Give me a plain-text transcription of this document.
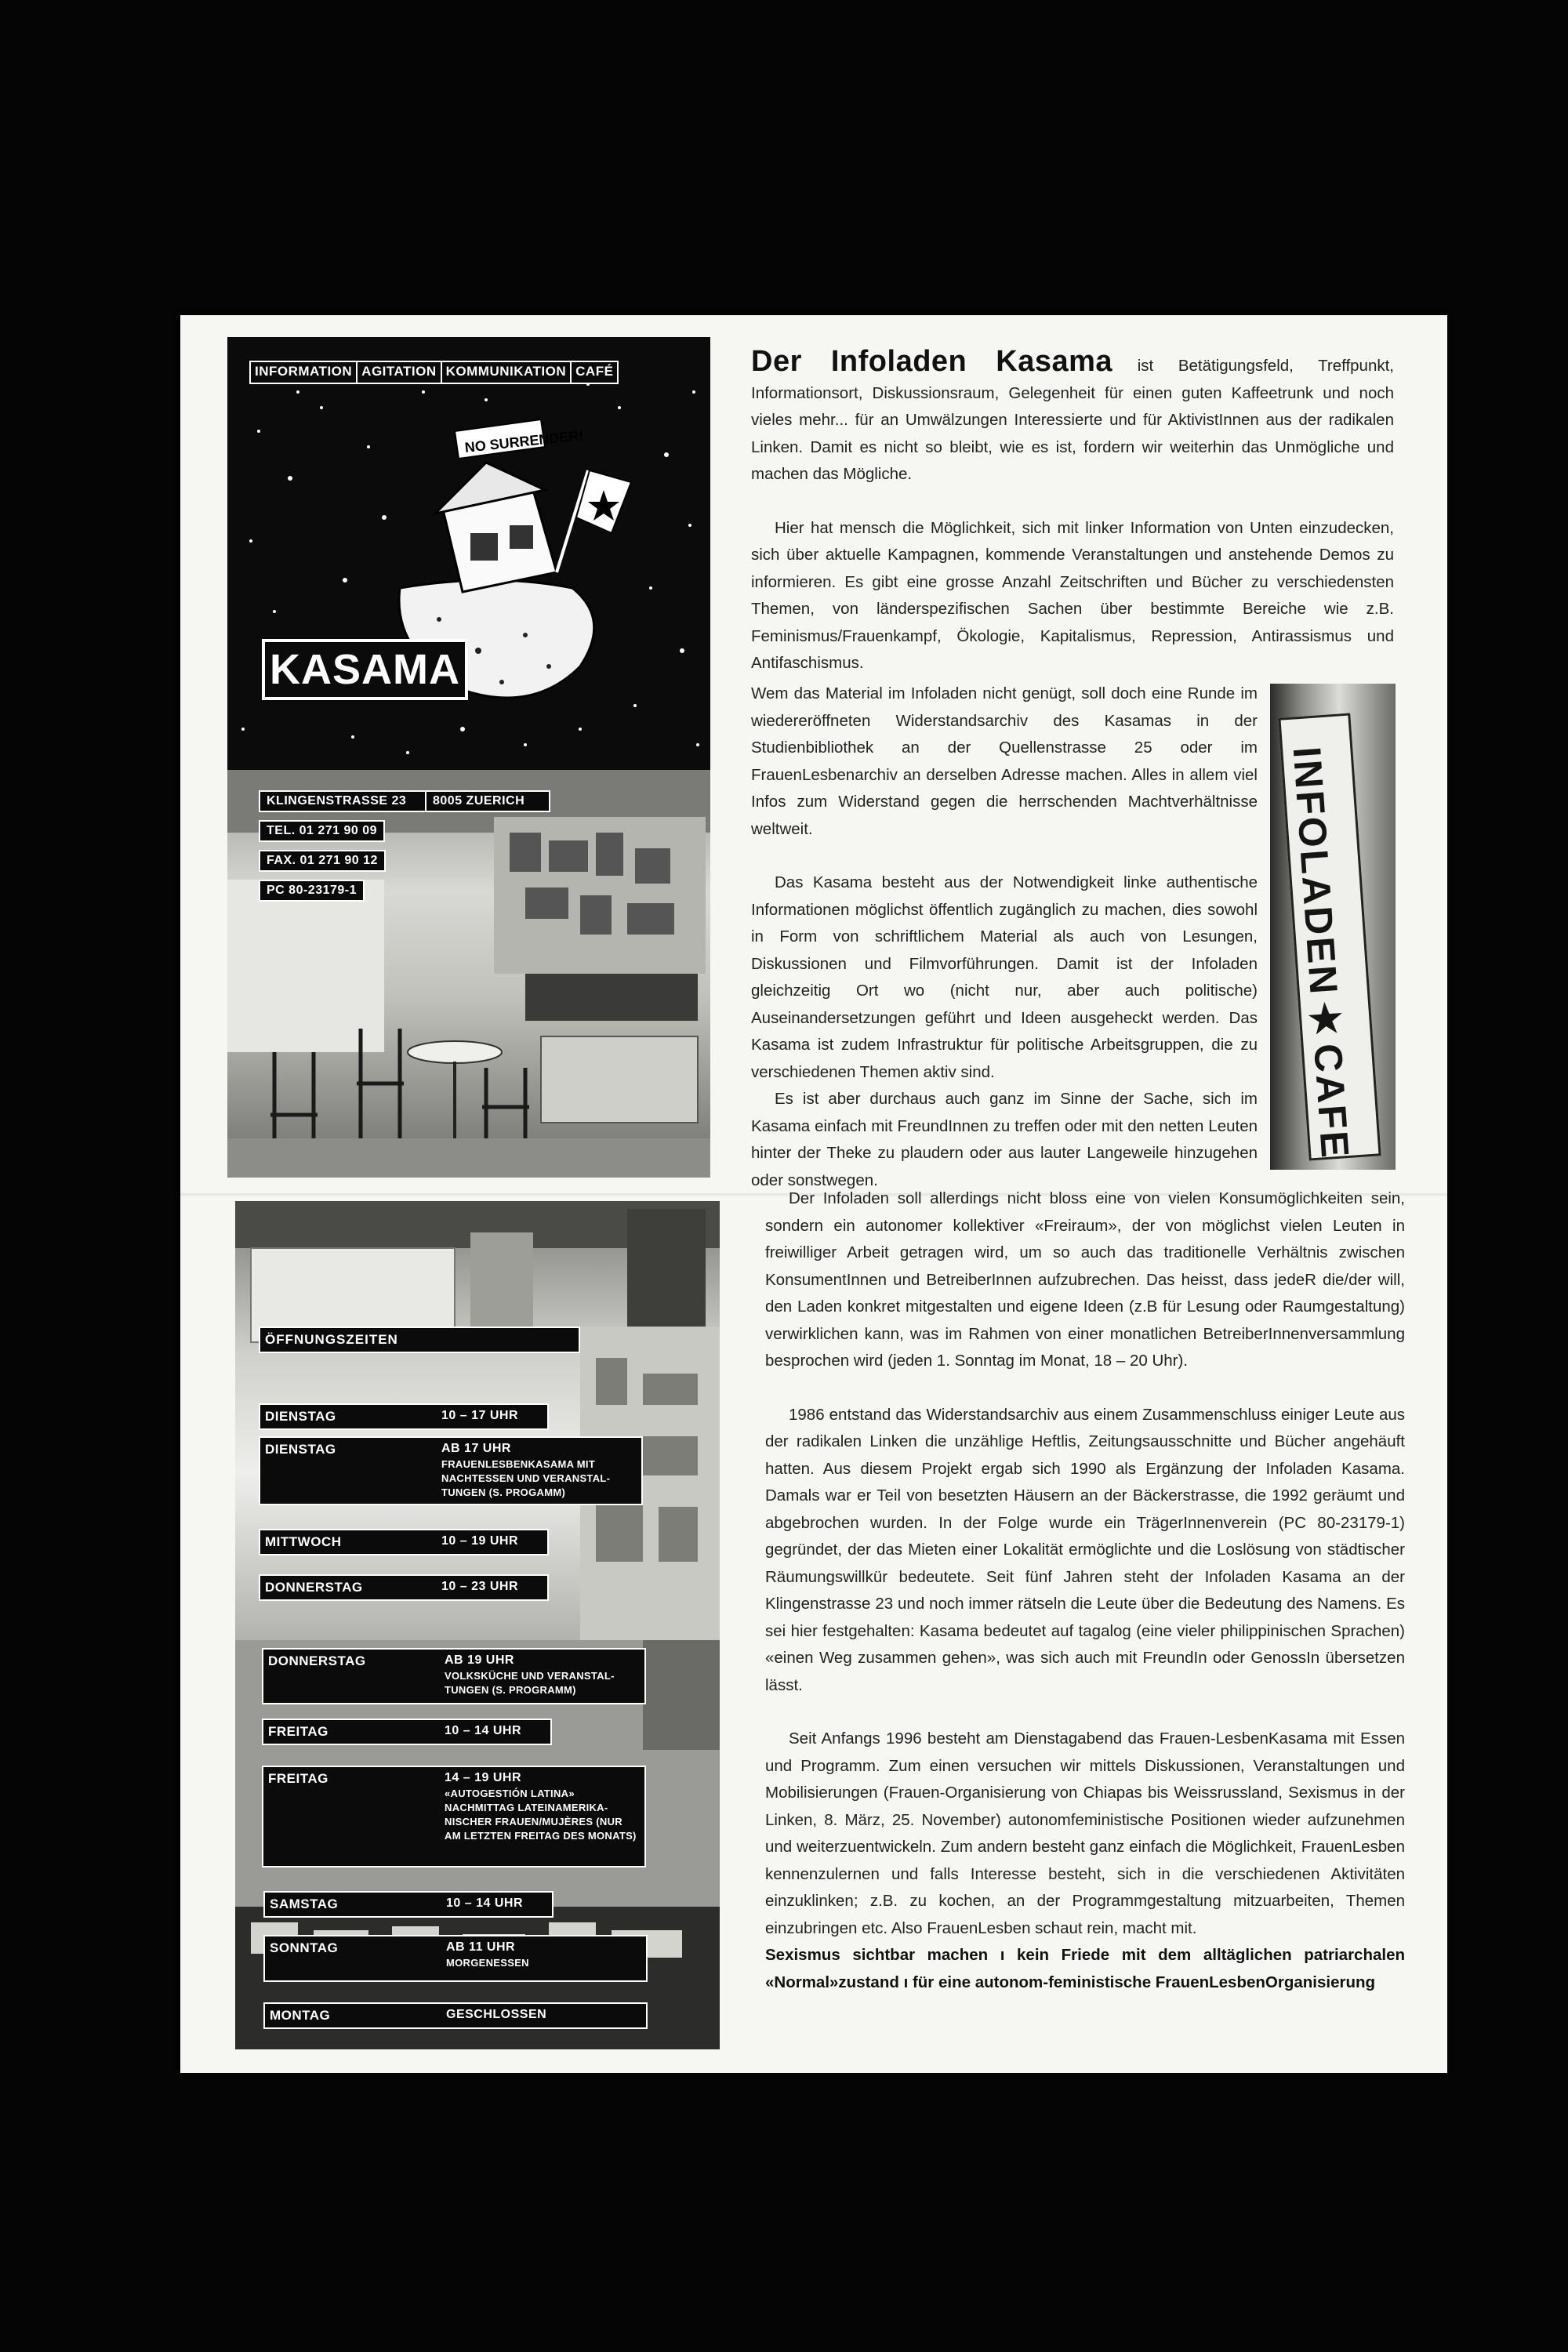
INFORMATION AGITATION KOMMUNIKATION CAFÉ
NO SURRENDER!
KASAMA
KLINGENSTRASSE 23	8005 ZUERICH
TEL. 01 271 90 09
FAX. 01 271 90 12
PC 80-23179-1

Der Infoladen Kasama ist Betätigungsfeld, Treffpunkt, Informationsort, Diskussionsraum, Gelegenheit für einen guten Kaffeetrunk und noch vieles mehr... für an Umwälzungen Interessierte und für AktivistInnen aus der radikalen Linken. Damit es nicht so bleibt, wie es ist, fordern wir weiterhin das Unmögliche und machen das Mögliche.

Hier hat mensch die Möglichkeit, sich mit linker Information von Unten einzudecken, sich über aktuelle Kampagnen, kommende Veranstaltungen und anstehende Demos zu informieren. Es gibt eine grosse Anzahl Zeitschriften und Bücher zu verschiedensten Themen, von länderspezifischen Sachen über bestimmte Bereiche wie z.B. Feminismus/Frauenkampf, Ökologie, Kapitalismus, Repression, Antirassismus und Antifaschismus.

Wem das Material im Infoladen nicht genügt, soll doch eine Runde im wiedereröffneten Widerstandsarchiv des Kasamas in der Studienbibliothek an der Quellenstrasse 25 oder im FrauenLesbenarchiv an derselben Adresse machen. Alles in allem viel Infos zum Widerstand gegen die herrschenden Machtverhältnisse weltweit.

Das Kasama besteht aus der Notwendigkeit linke authentische Informationen möglichst öffentlich zugänglich zu machen, dies sowohl in Form von schriftlichem Material als auch von Lesungen, Diskussionen und Filmvorführungen. Damit ist der Infoladen gleichzeitig Ort wo (nicht nur, aber auch politische) Auseinandersetzungen geführt und Ideen ausgeheckt werden. Das Kasama ist zudem Infrastruktur für politische Arbeitsgruppen, die zu verschiedenen Themen aktiv sind.

Es ist aber durchaus auch ganz im Sinne der Sache, sich im Kasama einfach mit FreundInnen zu treffen oder mit den netten Leuten hinter der Theke zu plaudern oder aus lauter Langeweile hinzugehen oder sonstwegen.

INFOLADEN★CAFE
ÖFFNUNGSZEITEN
DIENSTAG	10 – 17 UHR
DIENSTAG	AB 17 UHR
FRAUENLESBENKASAMA MIT NACHTESSEN UND VERANSTAL-TUNGEN (S. PROGAMM)
MITTWOCH	10 – 19 UHR
DONNERSTAG	10 – 23 UHR
DONNERSTAG	AB 19 UHR
VOLKSKÜCHE UND VERANSTAL-TUNGEN (S. PROGRAMM)
FREITAG	10 – 14 UHR
FREITAG	14 – 19 UHR
«AUTOGESTIÓN LATINA» NACHMITTAG LATEINAMERIKA-NISCHER FRAUEN/MUJÈRES (NUR AM LETZTEN FREITAG DES MONATS)
SAMSTAG	10 – 14 UHR
SONNTAG	AB 11 UHR
MORGENESSEN
MONTAG	GESCHLOSSEN

Der Infoladen soll allerdings nicht bloss eine von vielen Konsumöglichkeiten sein, sondern ein autonomer kollektiver «Freiraum», der von möglichst vielen Leuten in freiwilliger Arbeit getragen wird, um so auch das traditionelle Verhältnis zwischen KonsumentInnen und BetreiberInnen aufzubrechen. Das heisst, dass jedeR die/der will, den Laden konkret mitgestalten und eigene Ideen (z.B für Lesung oder Raumgestaltung) verwirklichen kann, was im Rahmen von einer monatlichen BetreiberInnenversammlung besprochen wird (jeden 1. Sonntag im Monat, 18 – 20 Uhr).

1986 entstand das Widerstandsarchiv aus einem Zusammenschluss einiger Leute aus der radikalen Linken die unzählige Heftlis, Zeitungsausschnitte und Bücher angehäuft hatten. Aus diesem Projekt ergab sich 1990 als Ergänzung der Infoladen Kasama. Damals war er Teil von besetzten Häusern an der Bäckerstrasse, die 1992 geräumt und abgebrochen wurden. In der Folge wurde ein TrägerInnenverein (PC 80-23179-1) gegründet, der das Mieten einer Lokalität ermöglichte und die Loslösung von städtischer Räumungswillkür bedeutete. Seit fünf Jahren steht der Infoladen Kasama an der Klingenstrasse 23 und noch immer rätseln die Leute über die Bedeutung des Namens. Es sei hier festgehalten: Kasama bedeutet auf tagalog (eine vieler philippinischen Sprachen) «einen Weg zusammen gehen», was sich auch mit FreundIn oder GenossIn übersetzen lässt.

Seit Anfangs 1996 besteht am Dienstagabend das Frauen-LesbenKasama mit Essen und Programm. Zum einen versuchen wir mittels Diskussionen, Veranstaltungen und Mobilisierungen (Frauen-Organisierung von Chiapas bis Weissrussland, Sexismus in der Linken, 8. März, 25. November) autonomfeministische Positionen wieder aufzunehmen und weiterzuentwickeln. Zum andern besteht ganz einfach die Möglichkeit, FrauenLesben kennenzulernen und falls Interesse besteht, sich in die verschiedenen Aktivitäten einzuklinken; z.B. zu kochen, an der Programmgestaltung mitzuarbeiten, Themen einzubringen etc. Also FrauenLesben schaut rein, macht mit.

Sexismus sichtbar machen ı kein Friede mit dem alltäglichen patriarchalen «Normal»zustand ı für eine autonom-feministische FrauenLesbenOrganisierung
